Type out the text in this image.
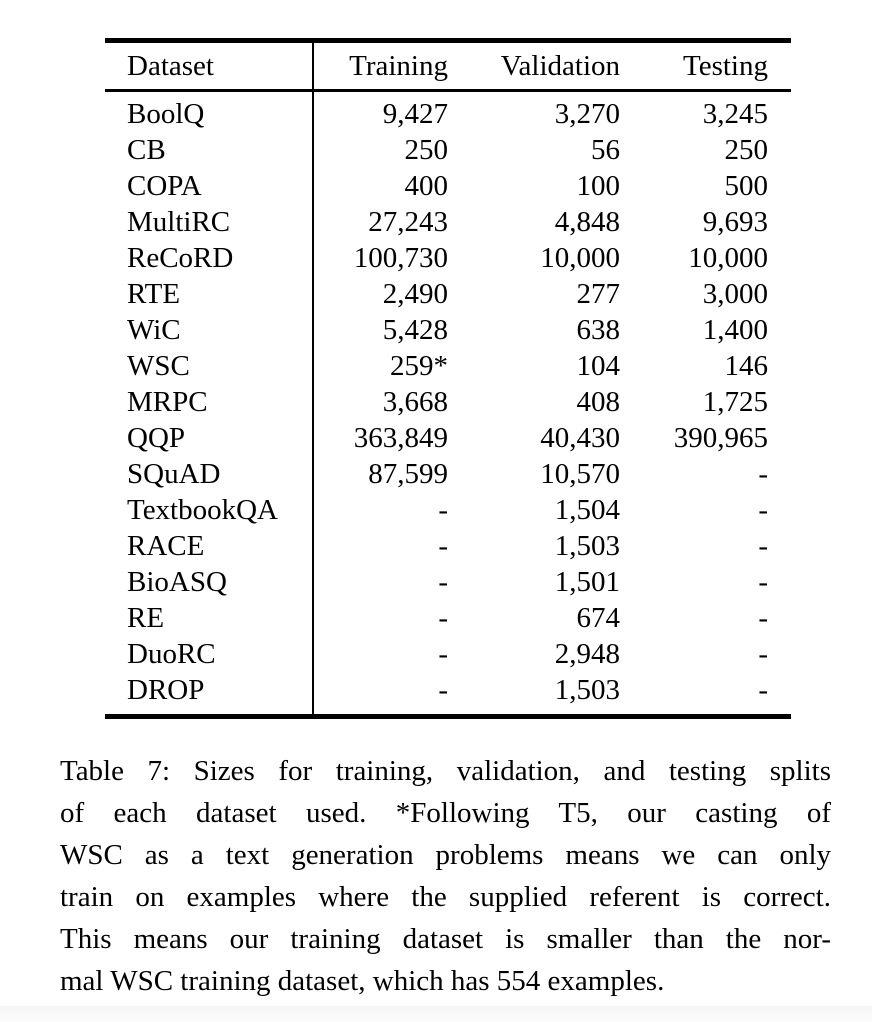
Dataset	Training	Validation	Testing
BoolQ	9,427	3,270	3,245
CB	250	56	250
COPA	400	100	500
MultiRC	27,243	4,848	9,693
ReCoRD	100,730	10,000	10,000
RTE	2,490	277	3,000
WiC	5,428	638	1,400
WSC	259*	104	146
MRPC	3,668	408	1,725
QQP	363,849	40,430	390,965
SQuAD	87,599	10,570	-
TextbookQA	-	1,504	-
RACE	-	1,503	-
BioASQ	-	1,501	-
RE	-	674	-
DuoRC	-	2,948	-
DROP	-	1,503	-
Table 7: Sizes for training, validation, and testing splits
of each dataset used. *Following T5, our casting of
WSC as a text generation problems means we can only
train on examples where the supplied referent is correct.
This means our training dataset is smaller than the nor-
mal WSC training dataset, which has 554 examples.
